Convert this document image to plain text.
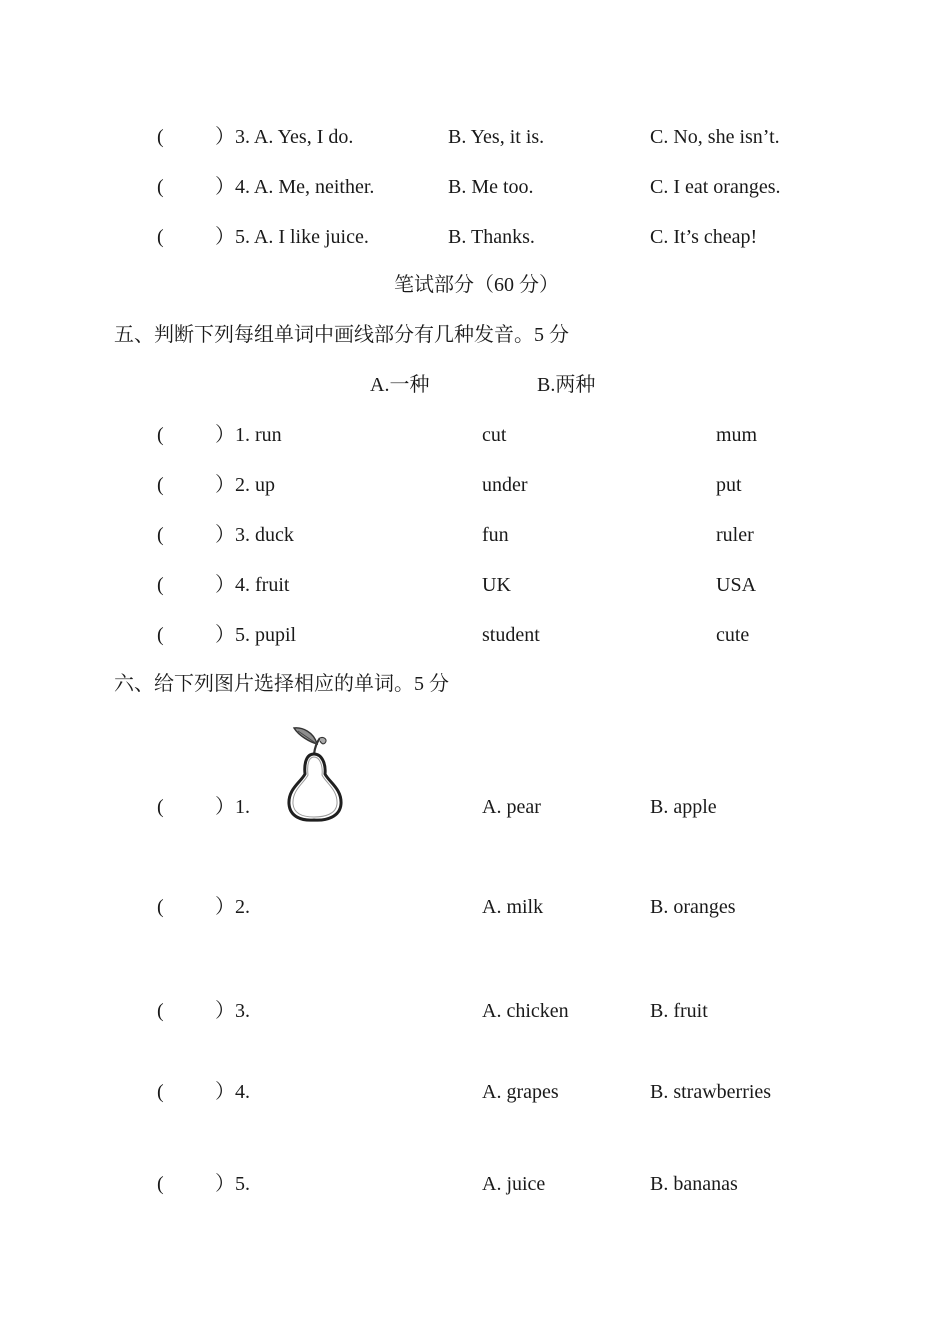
(	）3. A. Yes, I do.	B. Yes, it is.	C. No, she isn’t.
(	）4. A. Me, neither.	B. Me too.	C. I eat oranges.
(	）5. A. I like juice.	B. Thanks.	C. It’s cheap!
笔试部分（60 分）
五、判断下列每组单词中画线部分有几种发音。5 分
A.一种	B.两种
(	）1. run	cut	mum
(	）2. up	under	put
(	）3. duck	fun	ruler
(	）4. fruit	UK	USA
(	）5. pupil	student	cute
六、给下列图片选择相应的单词。5 分
(	）1.	A. pear	B. apple
(	）2.	A. milk	B. oranges
(	）3.	A. chicken	B. fruit
(	）4.	A. grapes	B. strawberries
(	）5.	A. juice	B. bananas
